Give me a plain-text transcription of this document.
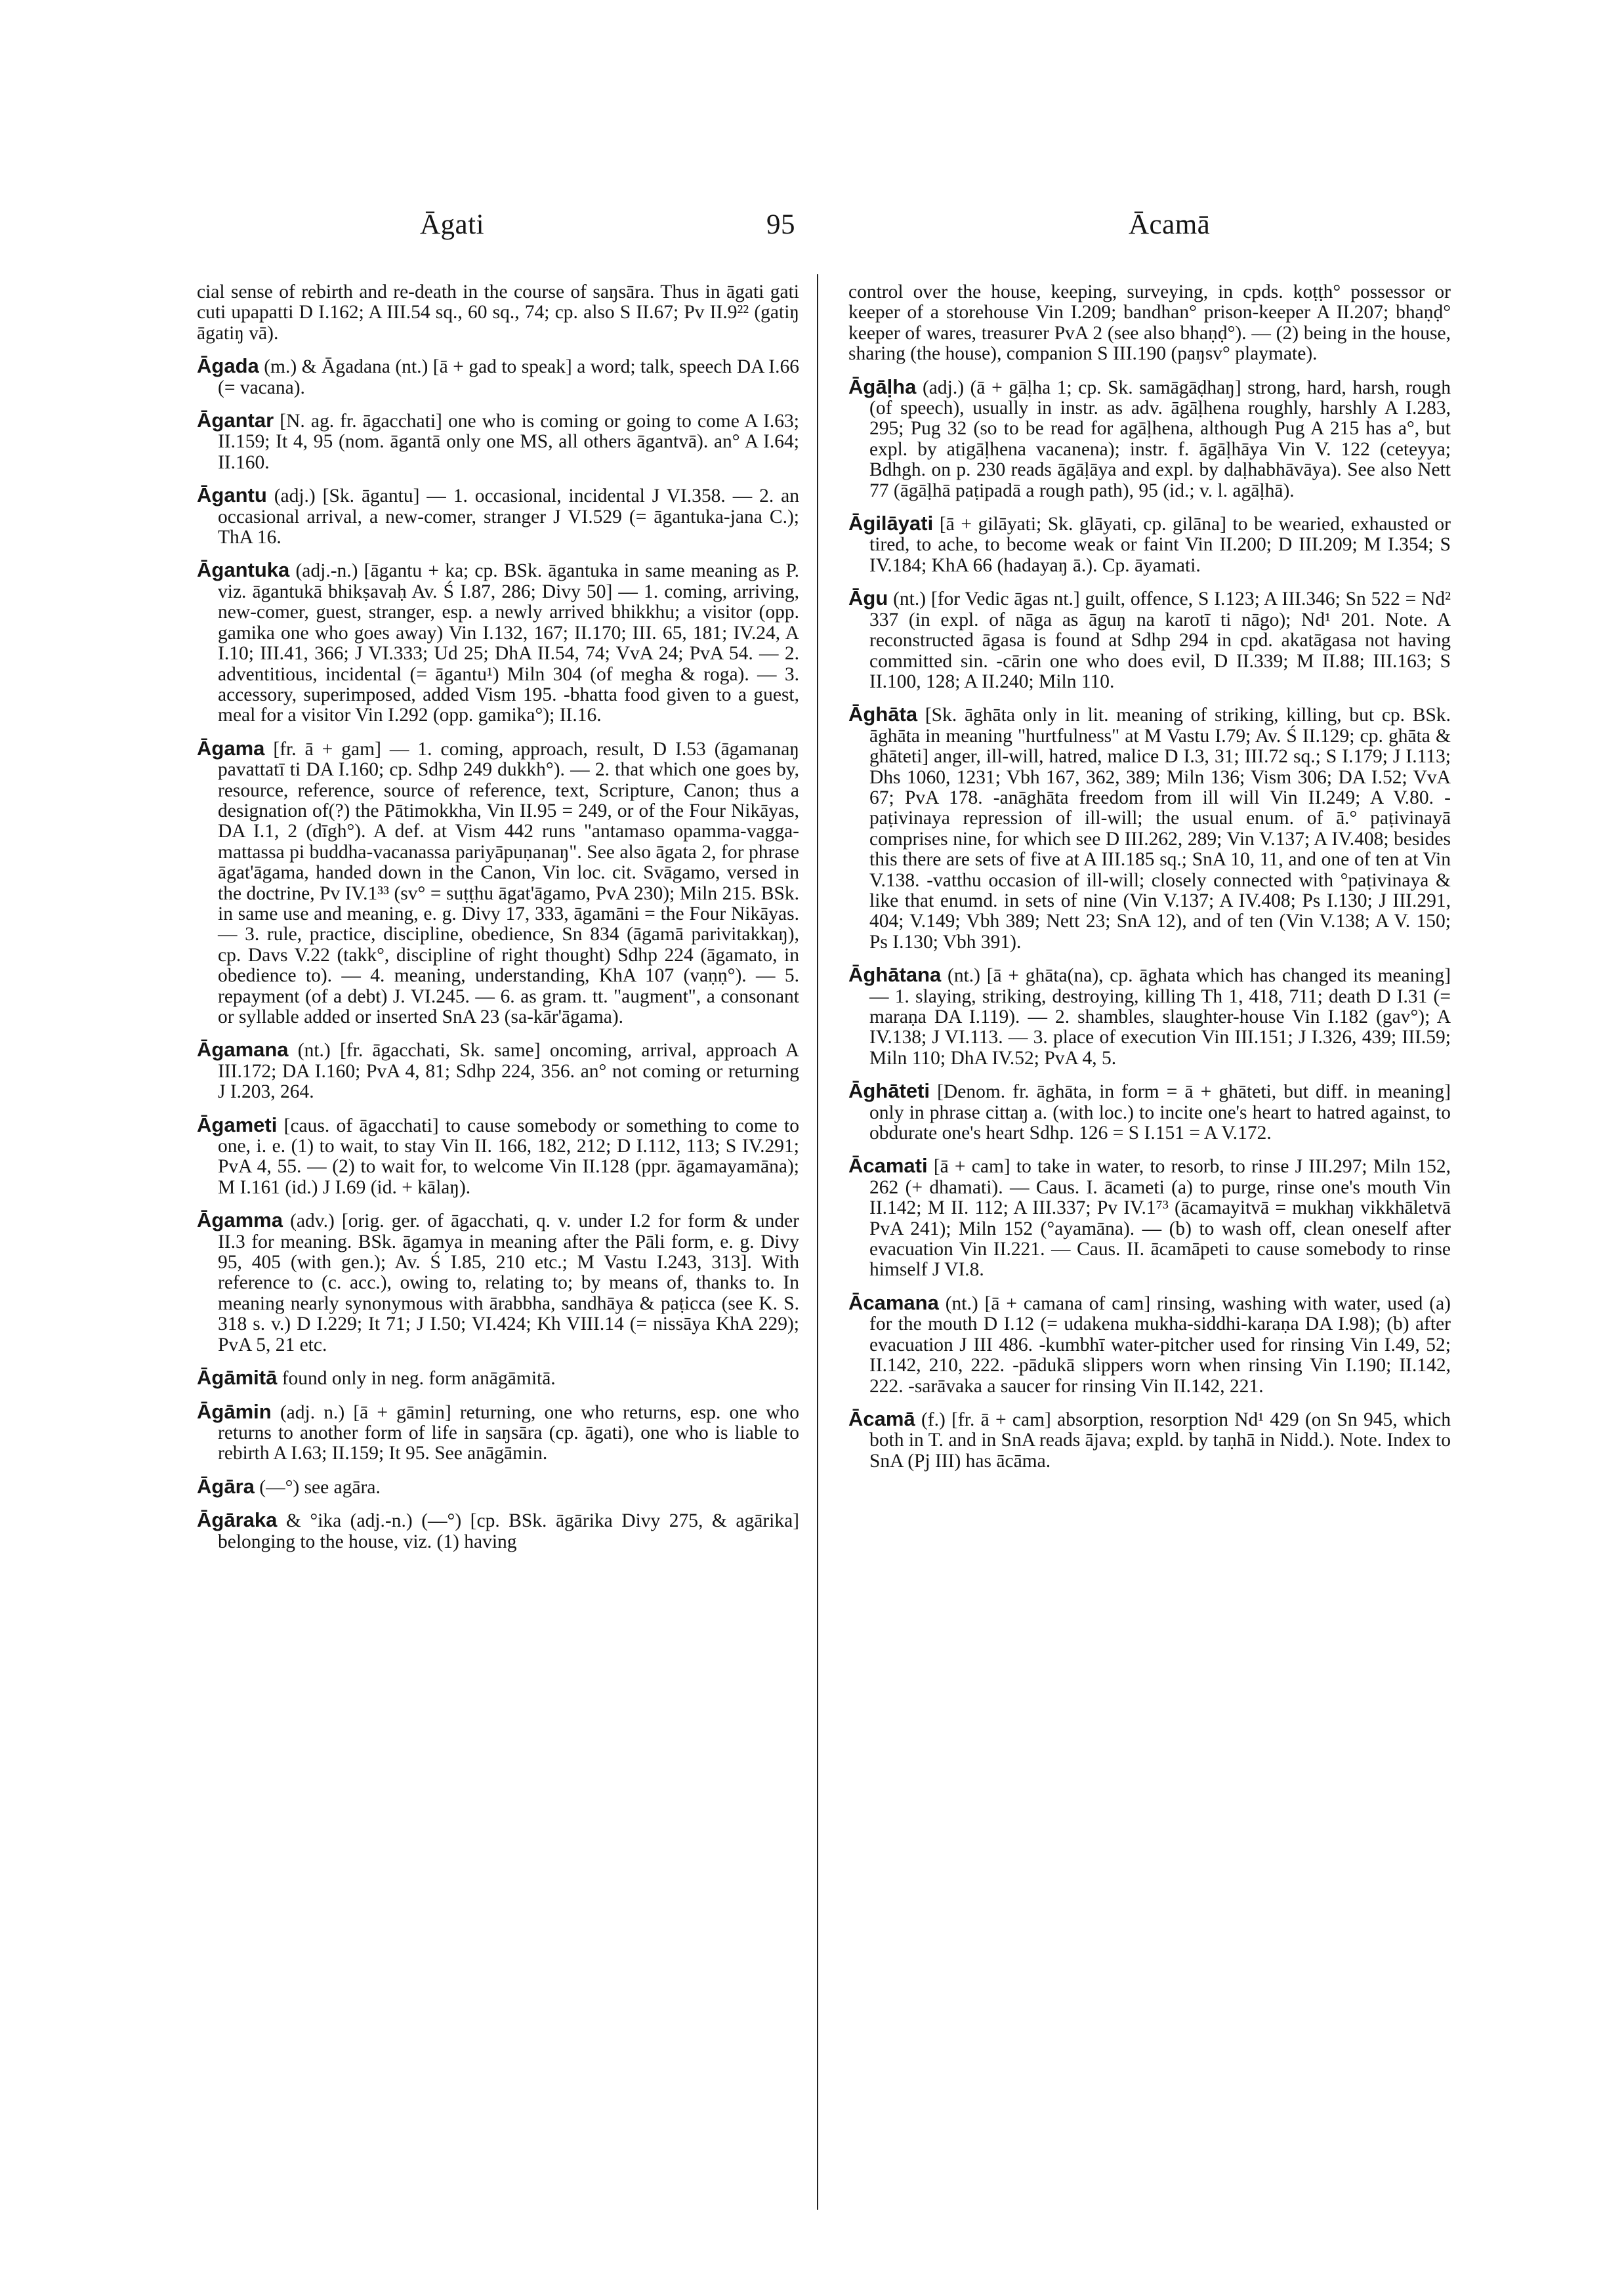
Āgati	95	Ācamā

cial sense of rebirth and re-death in the course of saŋsāra. Thus in āgati gati cuti upapatti D I.162; A III.54 sq., 60 sq., 74; cp. also S II.67; Pv II.9²² (gatiŋ āgatiŋ vā).

Āgada (m.) & Āgadana (nt.) [ā + gad to speak] a word; talk, speech DA I.66 (= vacana).

Āgantar [N. ag. fr. āgacchati] one who is coming or going to come A I.63; II.159; It 4, 95 (nom. āgantā only one MS, all others āgantvā). an° A I.64; II.160.

Āgantu (adj.) [Sk. āgantu] — 1. occasional, incidental J VI.358. — 2. an occasional arrival, a new-comer, stranger J VI.529 (= āgantuka-jana C.); ThA 16.

Āgantuka (adj.-n.) [āgantu + ka; cp. BSk. āgantuka in same meaning as P. viz. āgantukā bhikṣavaḥ Av. Ś I.87, 286; Divy 50] — 1. coming, arriving, new-comer, guest, stranger, esp. a newly arrived bhikkhu; a visitor (opp. gamika one who goes away) Vin I.132, 167; II.170; III. 65, 181; IV.24, A I.10; III.41, 366; J VI.333; Ud 25; DhA II.54, 74; VvA 24; PvA 54. — 2. adventitious, incidental (= āgantu¹) Miln 304 (of megha & roga). — 3. accessory, superimposed, added Vism 195. -bhatta food given to a guest, meal for a visitor Vin I.292 (opp. gamika°); II.16.

Āgama [fr. ā + gam] — 1. coming, approach, result, D I.53 (āgamanaŋ pavattatī ti DA I.160; cp. Sdhp 249 dukkh°). — 2. that which one goes by, resource, reference, source of reference, text, Scripture, Canon; thus a designation of(?) the Pātimokkha, Vin II.95 = 249, or of the Four Nikāyas, DA I.1, 2 (dīgh°). A def. at Vism 442 runs "antamaso opamma-vagga-mattassa pi buddha-vacanassa pariyāpuṇanaŋ". See also āgata 2, for phrase āgat'āgama, handed down in the Canon, Vin loc. cit. Svāgamo, versed in the doctrine, Pv IV.1³³ (sv° = suṭṭhu āgat'āgamo, PvA 230); Miln 215. BSk. in same use and meaning, e. g. Divy 17, 333, āgamāni = the Four Nikāyas. — 3. rule, practice, discipline, obedience, Sn 834 (āgamā parivitakkaŋ), cp. Davs V.22 (takk°, discipline of right thought) Sdhp 224 (āgamato, in obedience to). — 4. meaning, understanding, KhA 107 (vaṇṇ°). — 5. repayment (of a debt) J. VI.245. — 6. as gram. tt. "augment", a consonant or syllable added or inserted SnA 23 (sa-kār'āgama).

Āgamana (nt.) [fr. āgacchati, Sk. same] oncoming, arrival, approach A III.172; DA I.160; PvA 4, 81; Sdhp 224, 356. an° not coming or returning J I.203, 264.

Āgameti [caus. of āgacchati] to cause somebody or something to come to one, i. e. (1) to wait, to stay Vin II. 166, 182, 212; D I.112, 113; S IV.291; PvA 4, 55. — (2) to wait for, to welcome Vin II.128 (ppr. āgamayamāna); M I.161 (id.) J I.69 (id. + kālaŋ).

Āgamma (adv.) [orig. ger. of āgacchati, q. v. under I.2 for form & under II.3 for meaning. BSk. āgamya in meaning after the Pāli form, e. g. Divy 95, 405 (with gen.); Av. Ś I.85, 210 etc.; M Vastu I.243, 313]. With reference to (c. acc.), owing to, relating to; by means of, thanks to. In meaning nearly synonymous with ārabbha, sandhāya & paṭicca (see K. S. 318 s. v.) D I.229; It 71; J I.50; VI.424; Kh VIII.14 (= nissāya KhA 229); PvA 5, 21 etc.

Āgāmitā found only in neg. form anāgāmitā.

Āgāmin (adj. n.) [ā + gāmin] returning, one who returns, esp. one who returns to another form of life in saŋsāra (cp. āgati), one who is liable to rebirth A I.63; II.159; It 95. See anāgāmin.

Āgāra (—°) see agāra.

Āgāraka & °ika (adj.-n.) (—°) [cp. BSk. āgārika Divy 275, & agārika] belonging to the house, viz. (1) having

control over the house, keeping, surveying, in cpds. koṭṭh° possessor or keeper of a storehouse Vin I.209; bandhan° prison-keeper A II.207; bhaṇḍ° keeper of wares, treasurer PvA 2 (see also bhaṇḍ°). — (2) being in the house, sharing (the house), companion S III.190 (paŋsv° playmate).

Āgāḷha (adj.) (ā + gāḷha 1; cp. Sk. samāgāḍhaŋ] strong, hard, harsh, rough (of speech), usually in instr. as adv. āgāḷhena roughly, harshly A I.283, 295; Pug 32 (so to be read for agāḷhena, although Pug A 215 has a°, but expl. by atigāḷhena vacanena); instr. f. āgāḷhāya Vin V. 122 (ceteyya; Bdhgh. on p. 230 reads āgāḷāya and expl. by daḷhabhāvāya). See also Nett 77 (āgāḷhā paṭipadā a rough path), 95 (id.; v. l. agāḷhā).

Āgilāyati [ā + gilāyati; Sk. glāyati, cp. gilāna] to be wearied, exhausted or tired, to ache, to become weak or faint Vin II.200; D III.209; M I.354; S IV.184; KhA 66 (hadayaŋ ā.). Cp. āyamati.

Āgu (nt.) [for Vedic āgas nt.] guilt, offence, S I.123; A III.346; Sn 522 = Nd² 337 (in expl. of nāga as āguŋ na karotī ti nāgo); Nd¹ 201. Note. A reconstructed āgasa is found at Sdhp 294 in cpd. akatāgasa not having committed sin. -cārin one who does evil, D II.339; M II.88; III.163; S II.100, 128; A II.240; Miln 110.

Āghāta [Sk. āghāta only in lit. meaning of striking, killing, but cp. BSk. āghāta in meaning "hurtfulness" at M Vastu I.79; Av. Ś II.129; cp. ghāta & ghāteti] anger, ill-will, hatred, malice D I.3, 31; III.72 sq.; S I.179; J I.113; Dhs 1060, 1231; Vbh 167, 362, 389; Miln 136; Vism 306; DA I.52; VvA 67; PvA 178. -anāghāta freedom from ill will Vin II.249; A V.80. -paṭivinaya repression of ill-will; the usual enum. of ā.° paṭivinayā comprises nine, for which see D III.262, 289; Vin V.137; A IV.408; besides this there are sets of five at A III.185 sq.; SnA 10, 11, and one of ten at Vin V.138. -vatthu occasion of ill-will; closely connected with °paṭivinaya & like that enumd. in sets of nine (Vin V.137; A IV.408; Ps I.130; J III.291, 404; V.149; Vbh 389; Nett 23; SnA 12), and of ten (Vin V.138; A V. 150; Ps I.130; Vbh 391).

Āghātana (nt.) [ā + ghāta(na), cp. āghata which has changed its meaning] — 1. slaying, striking, destroying, killing Th 1, 418, 711; death D I.31 (= maraṇa DA I.119). — 2. shambles, slaughter-house Vin I.182 (gav°); A IV.138; J VI.113. — 3. place of execution Vin III.151; J I.326, 439; III.59; Miln 110; DhA IV.52; PvA 4, 5.

Āghāteti [Denom. fr. āghāta, in form = ā + ghāteti, but diff. in meaning] only in phrase cittaŋ a. (with loc.) to incite one's heart to hatred against, to obdurate one's heart Sdhp. 126 = S I.151 = A V.172.

Ācamati [ā + cam] to take in water, to resorb, to rinse J III.297; Miln 152, 262 (+ dhamati). — Caus. I. ācameti (a) to purge, rinse one's mouth Vin II.142; M II. 112; A III.337; Pv IV.1⁷³ (ācamayitvā = mukhaŋ vikkhāletvā PvA 241); Miln 152 (°ayamāna). — (b) to wash off, clean oneself after evacuation Vin II.221. — Caus. II. ācamāpeti to cause somebody to rinse himself J VI.8.

Ācamana (nt.) [ā + camana of cam] rinsing, washing with water, used (a) for the mouth D I.12 (= udakena mukha-siddhi-karaṇa DA I.98); (b) after evacuation J III 486. -kumbhī water-pitcher used for rinsing Vin I.49, 52; II.142, 210, 222. -pādukā slippers worn when rinsing Vin I.190; II.142, 222. -sarāvaka a saucer for rinsing Vin II.142, 221.

Ācamā (f.) [fr. ā + cam] absorption, resorption Nd¹ 429 (on Sn 945, which both in T. and in SnA reads ājava; expld. by taṇhā in Nidd.). Note. Index to SnA (Pj III) has ācāma.
